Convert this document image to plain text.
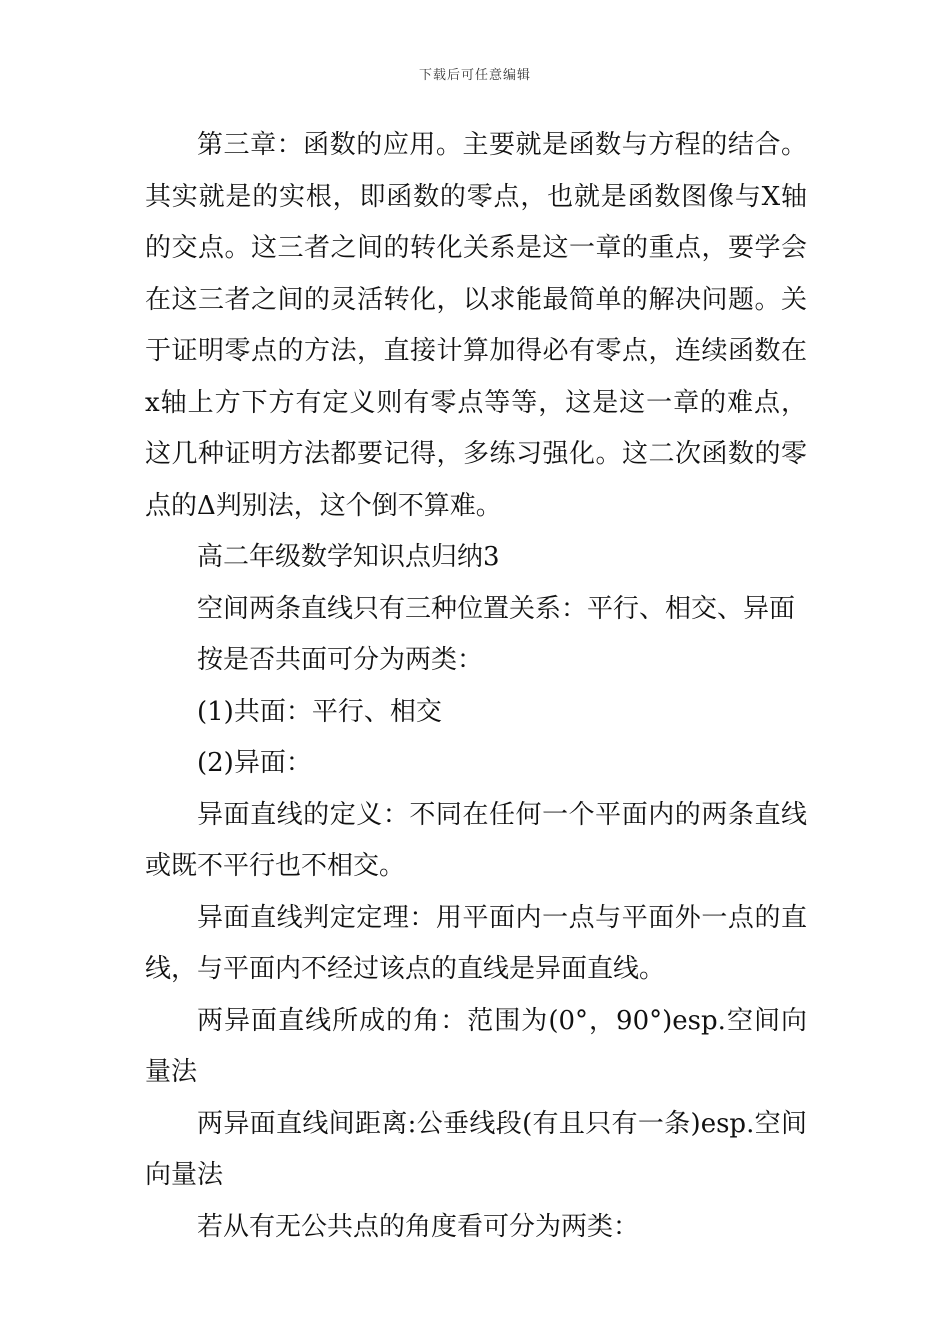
下载后可任意编辑

第三章：函数的应用。主要就是函数与方程的结合。其实就是的实根，即函数的零点，也就是函数图像与X轴的交点。这三者之间的转化关系是这一章的重点，要学会在这三者之间的灵活转化，以求能最简单的解决问题。关于证明零点的方法，直接计算加得必有零点，连续函数在x轴上方下方有定义则有零点等等，这是这一章的难点，这几种证明方法都要记得，多练习强化。这二次函数的零点的Δ判别法，这个倒不算难。

高二年级数学知识点归纳3

空间两条直线只有三种位置关系：平行、相交、异面

按是否共面可分为两类：

(1)共面：平行、相交

(2)异面：

异面直线的定义：不同在任何一个平面内的两条直线或既不平行也不相交。

异面直线判定定理：用平面内一点与平面外一点的直线，与平面内不经过该点的直线是异面直线。

两异面直线所成的角：范围为(0°，90°)esp.空间向量法

两异面直线间距离:公垂线段(有且只有一条)esp.空间向量法

若从有无公共点的角度看可分为两类：
